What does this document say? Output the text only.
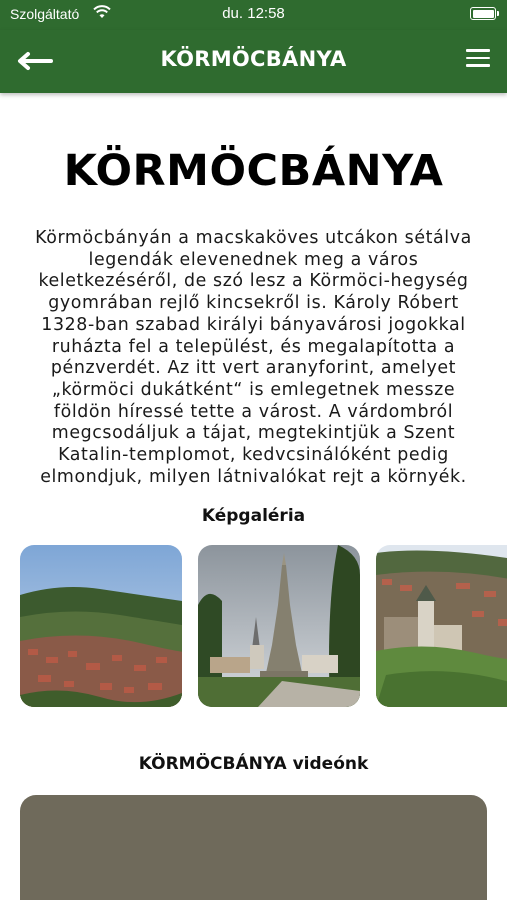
Szolgáltató	du. 12:58
KÖRMÖCBÁNYA
KÖRMÖCBÁNYA
Körmöcbányán a macskaköves utcákon sétálva
legendák elevenednek meg a város
keletkezéséről, de szó lesz a Körmöci-hegység
gyomrában rejlő kincsekről is. Károly Róbert
1328-ban szabad királyi bányavárosi jogokkal
ruházta fel a települést, és megalapította a
pénzverdét. Az itt vert aranyforint, amelyet
„körmöci dukátként“ is emlegetnek messze
földön híressé tette a várost. A várdombról
megcsodáljuk a tájat, megtekintjük a Szent
Katalin-templomot, kedvcsinálóként pedig
elmondjuk, milyen látnivalókat rejt a környék.
Képgaléria
KÖRMÖCBÁNYA videónk
